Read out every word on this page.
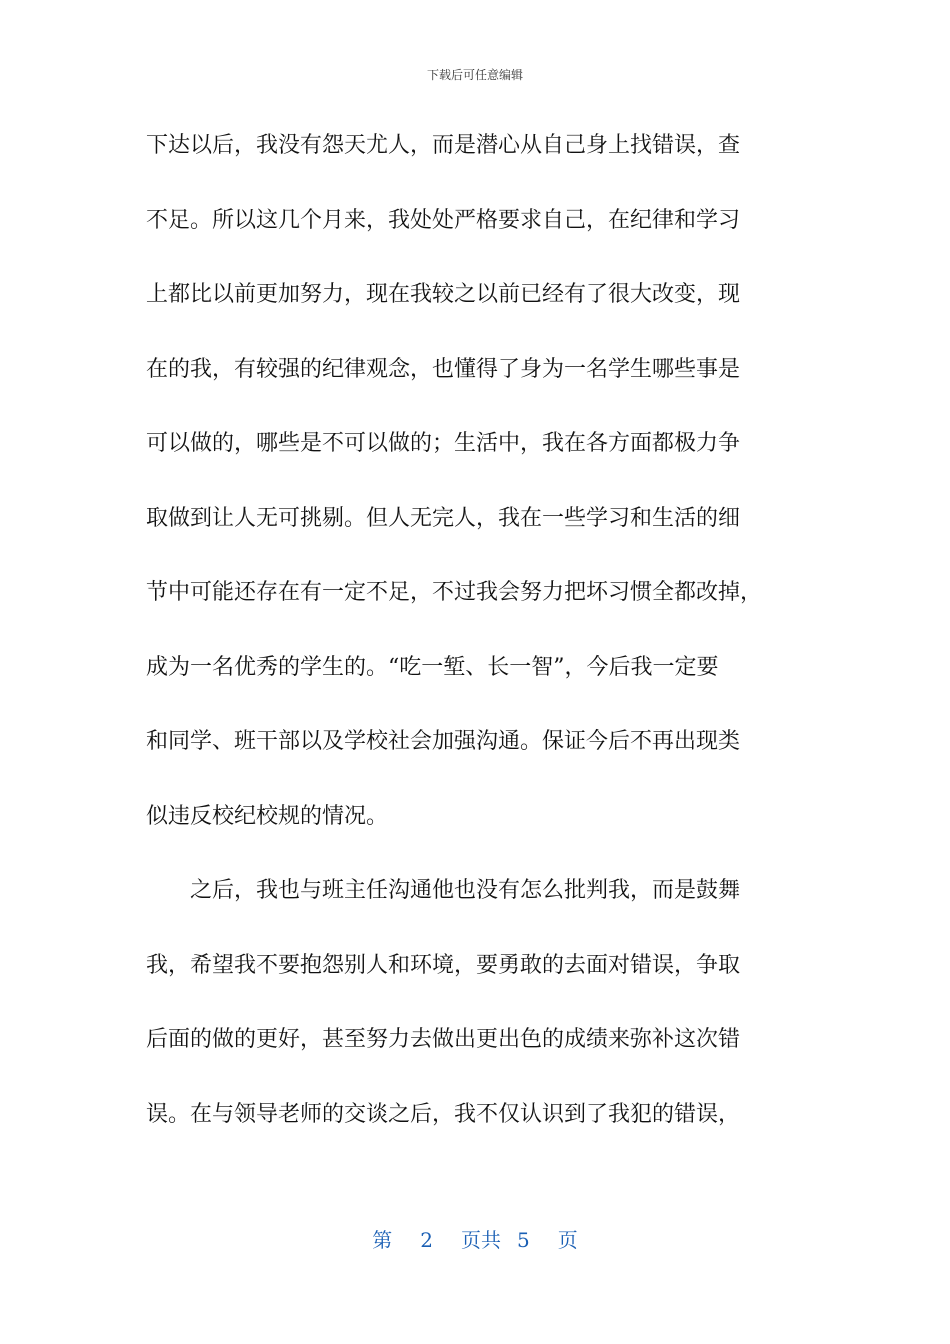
下载后可任意编辑
下达以后，我没有怨天尤人，而是潜心从自己身上找错误，查
不足。所以这几个月来，我处处严格要求自己，在纪律和学习
上都比以前更加努力，现在我较之以前已经有了很大改变，现
在的我，有较强的纪律观念，也懂得了身为一名学生哪些事是
可以做的，哪些是不可以做的；生活中，我在各方面都极力争
取做到让人无可挑剔。但人无完人，我在一些学习和生活的细
节中可能还存在有一定不足，不过我会努力把坏习惯全都改掉，
成为一名优秀的学生的。“吃一堑、长一智”，今后我一定要
和同学、班干部以及学校社会加强沟通。保证今后不再出现类
似违反校纪校规的情况。
　　之后，我也与班主任沟通他也没有怎么批判我，而是鼓舞
我，希望我不要抱怨别人和环境，要勇敢的去面对错误，争取
后面的做的更好，甚至努力去做出更出色的成绩来弥补这次错
误。在与领导老师的交谈之后，我不仅认识到了我犯的错误，
第 2 页共 5 页
